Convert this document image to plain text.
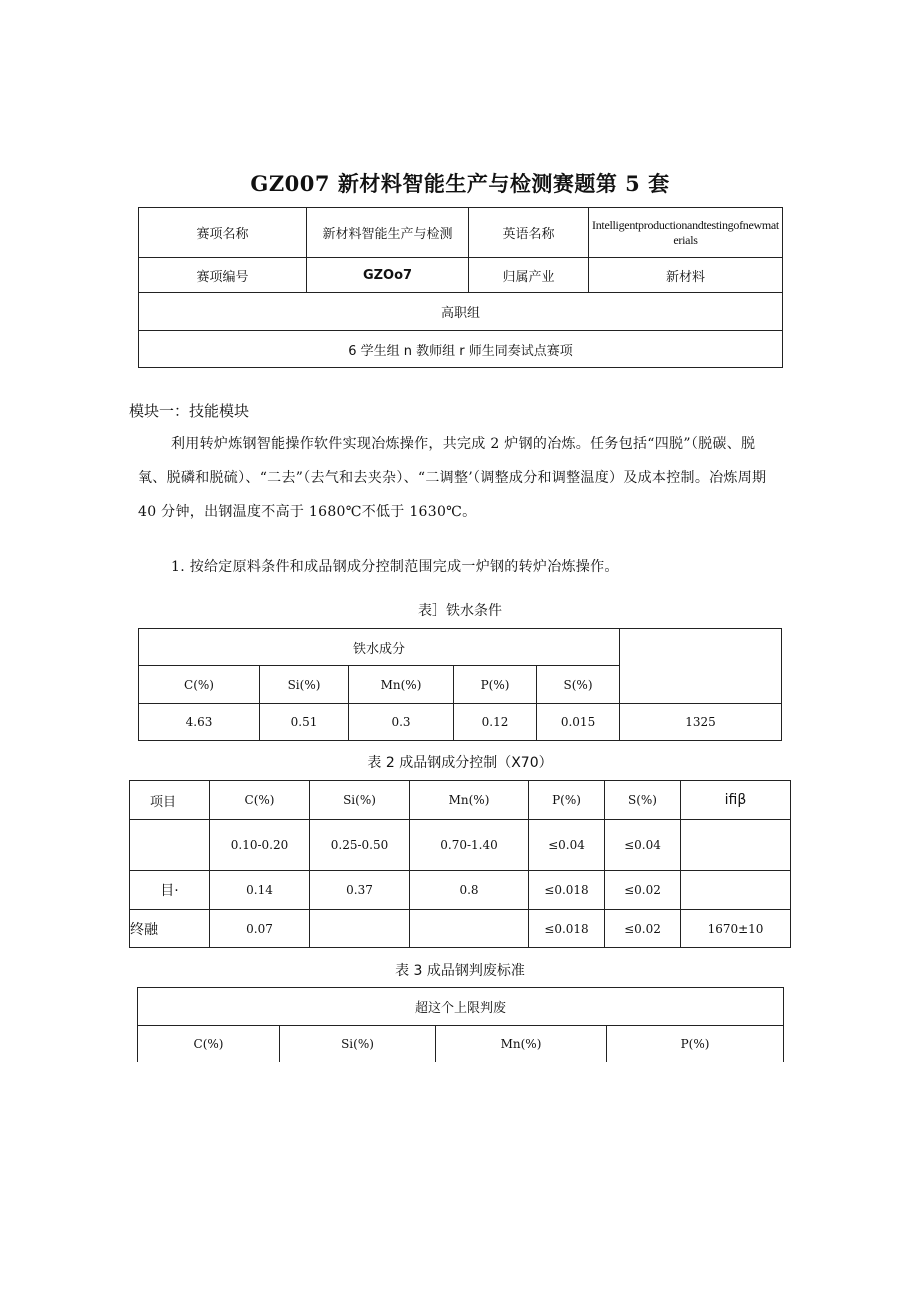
GZ007 新材料智能生产与检测赛题第 5 套
赛项名称	新材料智能生产与检测	英语名称	Intelligentproductionandtestingofnewmaterials
赛项编号	GZOo7	归属产业	新材料
高职组			
6 学生组 n 教师组 r 师生同奏试点赛项			
模块一：技能模块
利用转炉炼钢智能操作软件实现冶炼操作，共完成 2 炉钢的冶炼。任务包括“四脱”（脱碳、脱氧、脱磷和脱硫）、“二去”（去气和去夹杂）、“二调整’（调整成分和调整温度）及成本控制。冶炼周期 40 分钟，出钢温度不高于 1680℃不低于 1630℃。
1. 按给定原料条件和成品钢成分控制范围完成一炉钢的转炉冶炼操作。
表］铁水条件
铁水成分					
C(%)	Si(%)	Mn(%)	P(%)	S(%)	
4.63	0.51	0.3	0.12	0.015	1325
表 2 成品钢成分控制（X70）
项目	C(%)	Si(%)	Mn(%)	P(%)	S(%)	ifiβ
	0.10-0.20	0.25-0.50	0.70-1.40	≤0.04	≤0.04	
目·	0.14	0.37	0.8	≤0.018	≤0.02	
终融	0.07			≤0.018	≤0.02	1670±10
表 3 成品钢判废标准
超这个上限判废
C(%)	Si(%)	Mn(%)	P(%)
